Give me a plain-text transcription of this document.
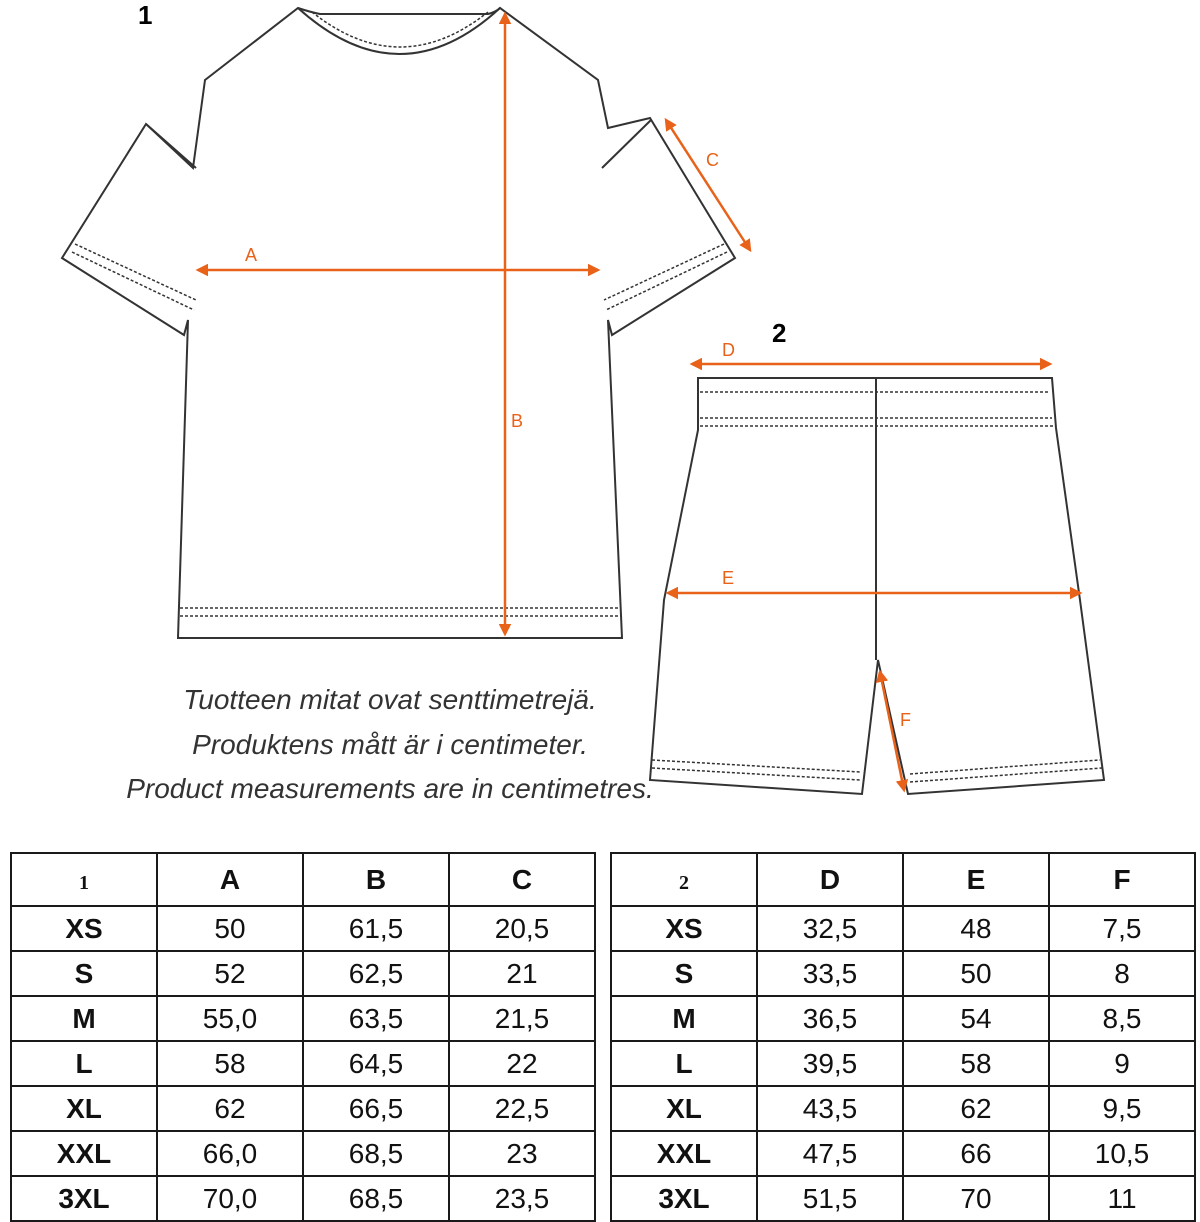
A
B
C
D
E
F
1
2
Tuotteen mitat ovat senttimetrejä.
Produktens mått är i centimeter.
Product measurements are in centimetres.
1	A	B	C
XS	50	61,5	20,5
S	52	62,5	21
M	55,0	63,5	21,5
L	58	64,5	22
XL	62	66,5	22,5
XXL	66,0	68,5	23
3XL	70,0	68,5	23,5
2	D	E	F
XS	32,5	48	7,5
S	33,5	50	8
M	36,5	54	8,5
L	39,5	58	9
XL	43,5	62	9,5
XXL	47,5	66	10,5
3XL	51,5	70	11
